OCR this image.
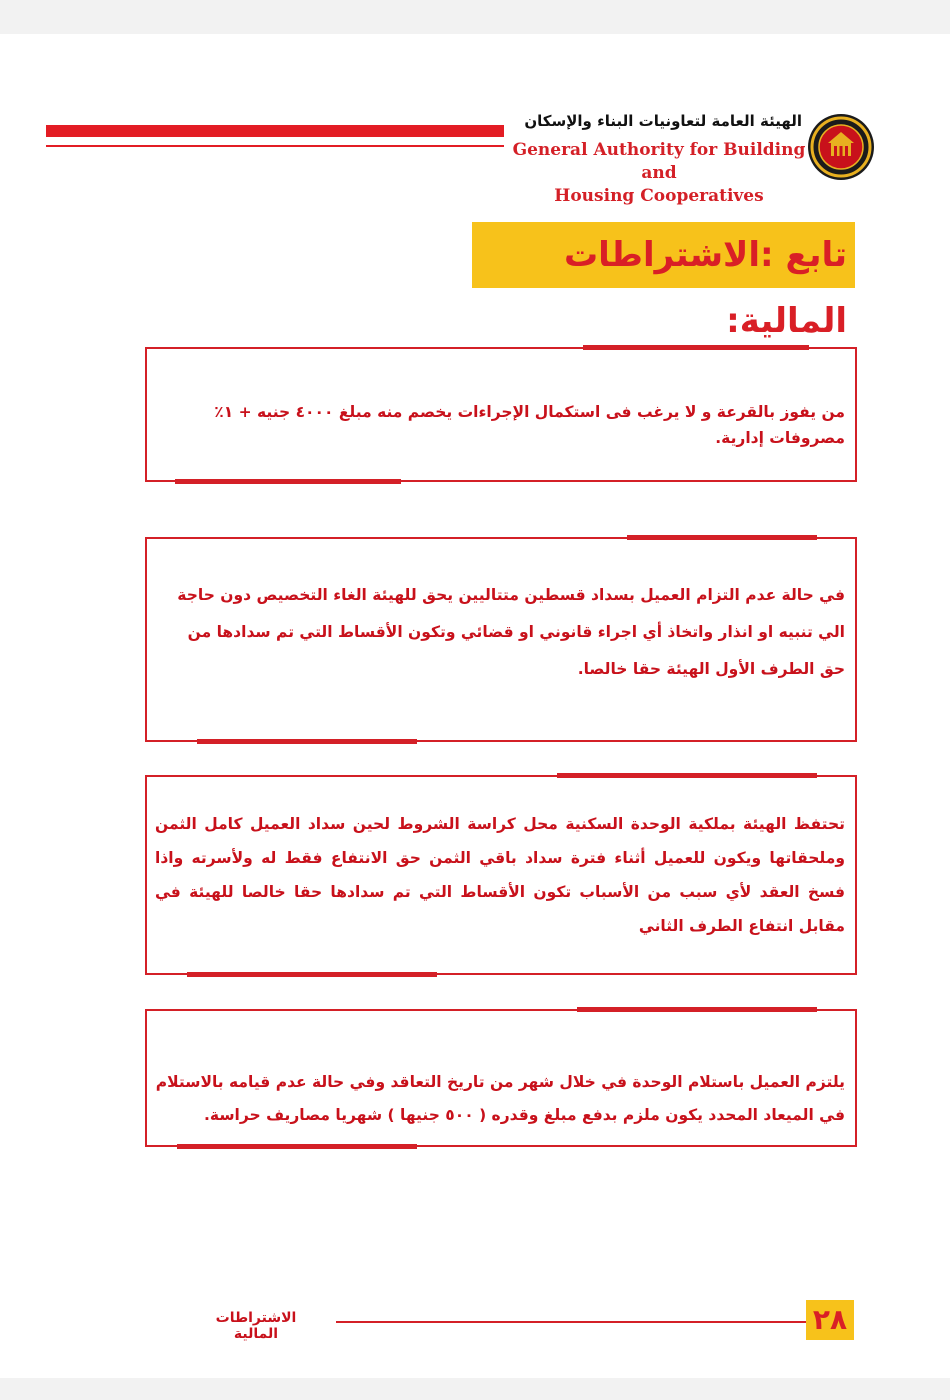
الهيئة العامة لتعاونيات البناء والإسكان
General Authority for Building and
Housing Cooperatives
تابع :الاشتراطات المالية:
من يفوز بالقرعة و لا يرغب فى استكمال الإجراءات يخصم منه مبلغ ٤٠٠٠ جنيه + ١٪ مصروفات إدارية.
في حالة عدم التزام العميل بسداد قسطين متتاليين يحق للهيئة الغاء التخصيص دون حاجة الي تنبيه او انذار واتخاذ أي اجراء قانوني او قضائي وتكون الأقساط التي تم سدادها من حق الطرف الأول الهيئة حقا خالصا.
تحتفظ الهيئة بملكية الوحدة السكنية محل كراسة الشروط لحين سداد العميل كامل الثمن وملحقاتها ويكون للعميل أثناء فترة سداد باقي الثمن حق الانتفاع فقط له ولأسرته واذا فسخ العقد لأي سبب من الأسباب تكون الأقساط التي تم سدادها حقا خالصا للهيئة في مقابل انتفاع الطرف الثاني
يلتزم العميل باستلام الوحدة في خلال شهر من تاريخ التعاقد وفي حالة عدم قيامه بالاستلام في الميعاد المحدد يكون ملزم بدفع مبلغ وقدره ( ٥٠٠ جنيها ) شهريا مصاريف حراسة.
الاشتراطات المالية	٢٨
